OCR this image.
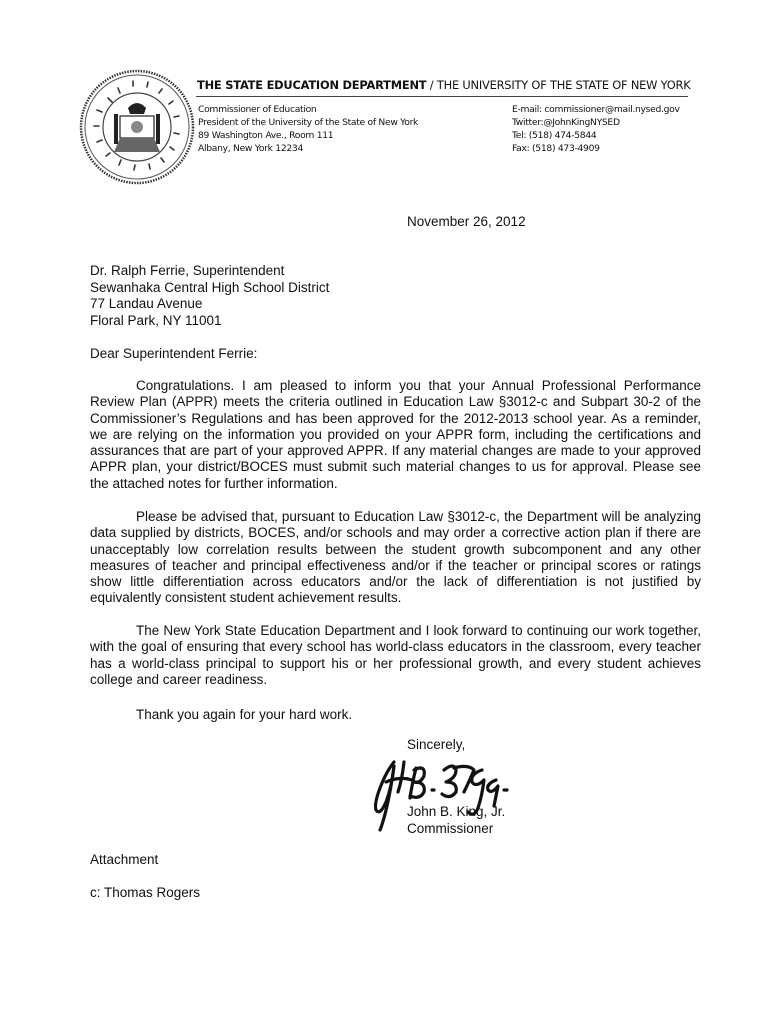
THE STATE EDUCATION DEPARTMENT / THE UNIVERSITY OF THE STATE OF NEW YORK
Commissioner of Education
President of the University of the State of New York
89 Washington Ave., Room 111
Albany, New York 12234
E-mail: commissioner@mail.nysed.gov
Twitter:@JohnKingNYSED
Tel: (518) 474-5844
Fax: (518) 473-4909
November 26, 2012
Dr. Ralph Ferrie, Superintendent
Sewanhaka Central High School District
77 Landau Avenue
Floral Park, NY 11001
Dear Superintendent Ferrie:

Congratulations. I am pleased to inform you that your Annual Professional Performance Review Plan (APPR) meets the criteria outlined in Education Law §3012-c and Subpart 30-2 of the Commissioner’s Regulations and has been approved for the 2012-2013 school year. As a reminder, we are relying on the information you provided on your APPR form, including the certifications and assurances that are part of your approved APPR. If any material changes are made to your approved APPR plan, your district/BOCES must submit such material changes to us for approval. Please see the attached notes for further information.

Please be advised that, pursuant to Education Law §3012-c, the Department will be analyzing data supplied by districts, BOCES, and/or schools and may order a corrective action plan if there are unacceptably low correlation results between the student growth subcomponent and any other measures of teacher and principal effectiveness and/or if the teacher or principal scores or ratings show little differentiation across educators and/or the lack of differentiation is not justified by equivalently consistent student achievement results.

The New York State Education Department and I look forward to continuing our work together, with the goal of ensuring that every school has world-class educators in the classroom, every teacher has a world-class principal to support his or her professional growth, and every student achieves college and career readiness.

Thank you again for your hard work.
Sincerely,
John B. King, Jr.
Commissioner
Attachment
c: Thomas Rogers
